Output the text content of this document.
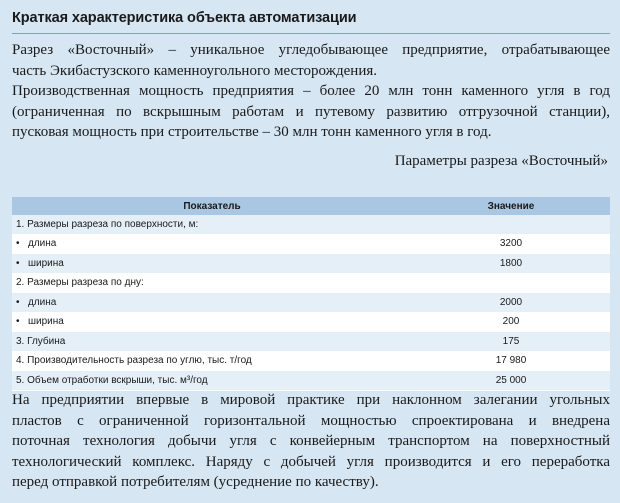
Краткая характеристика объекта автоматизации
Разрез «Восточный» – уникальное угледобывающее предприятие, отрабатывающее
часть Экибастузского каменноугольного месторождения.
Производственная мощность предприятия – более 20 млн тонн каменного угля в год
(ограниченная по вскрышным работам и путевому развитию отгрузочной станции),
пусковая мощность при строительстве – 30 млн тонн каменного угля в год.
Параметры разреза «Восточный»
Показатель	Значение
1. Размеры разреза по поверхности, м:
• длина	3200
• ширина	1800
2. Размеры разреза по дну:
• длина	2000
• ширина	200
3. Глубина	175
4. Производительность разреза по углю, тыс. т/год	17 980
5. Объем отработки вскрыши, тыс. м³/год	25 000
На предприятии впервые в мировой практике при наклонном залегании угольных
пластов с ограниченной горизонтальной мощностью спроектирована и внедрена
поточная технология добычи угля с конвейерным транспортом на поверхностный
технологический комплекс. Наряду с добычей угля производится и его переработка
перед отправкой потребителям (усреднение по качеству).
